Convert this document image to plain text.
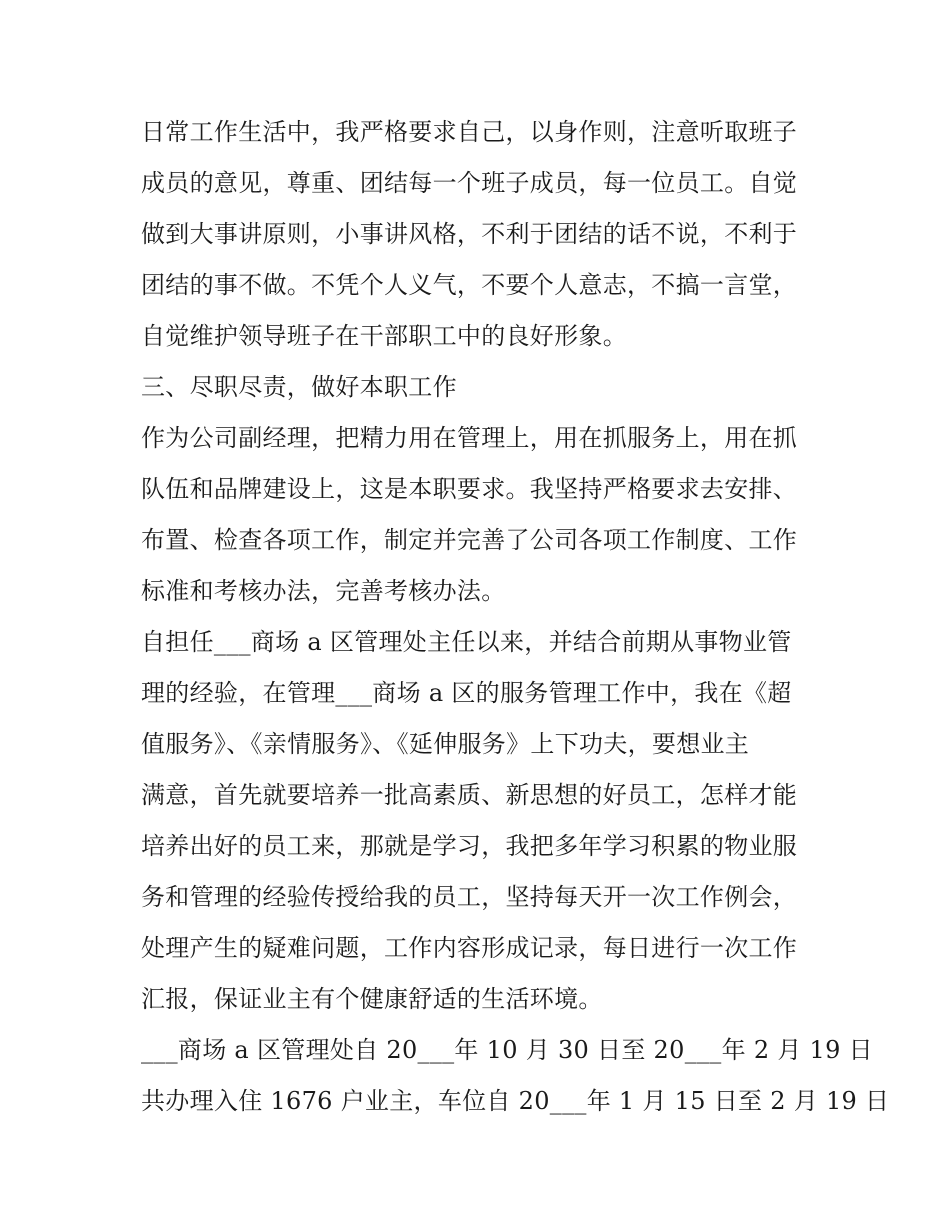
日常工作生活中，我严格要求自己，以身作则，注意听取班子
成员的意见，尊重、团结每一个班子成员，每一位员工。自觉
做到大事讲原则，小事讲风格，不利于团结的话不说，不利于
团结的事不做。不凭个人义气，不要个人意志，不搞一言堂，
自觉维护领导班子在干部职工中的良好形象。
三、尽职尽责，做好本职工作
作为公司副经理，把精力用在管理上，用在抓服务上，用在抓
队伍和品牌建设上，这是本职要求。我坚持严格要求去安排、
布置、检查各项工作，制定并完善了公司各项工作制度、工作
标准和考核办法，完善考核办法。
自担任___商场 a 区管理处主任以来，并结合前期从事物业管
理的经验，在管理___商场 a 区的服务管理工作中，我在《超
值服务》、《亲情服务》、《延伸服务》上下功夫，要想业主
满意，首先就要培养一批高素质、新思想的好员工，怎样才能
培养出好的员工来，那就是学习，我把多年学习积累的物业服
务和管理的经验传授给我的员工，坚持每天开一次工作例会，
处理产生的疑难问题，工作内容形成记录，每日进行一次工作
汇报，保证业主有个健康舒适的生活环境。
___商场 a 区管理处自 20___年 10 月 30 日至 20___年 2 月 19 日
共办理入住 1676 户业主，车位自 20___年 1 月 15 日至 2 月 19 日
